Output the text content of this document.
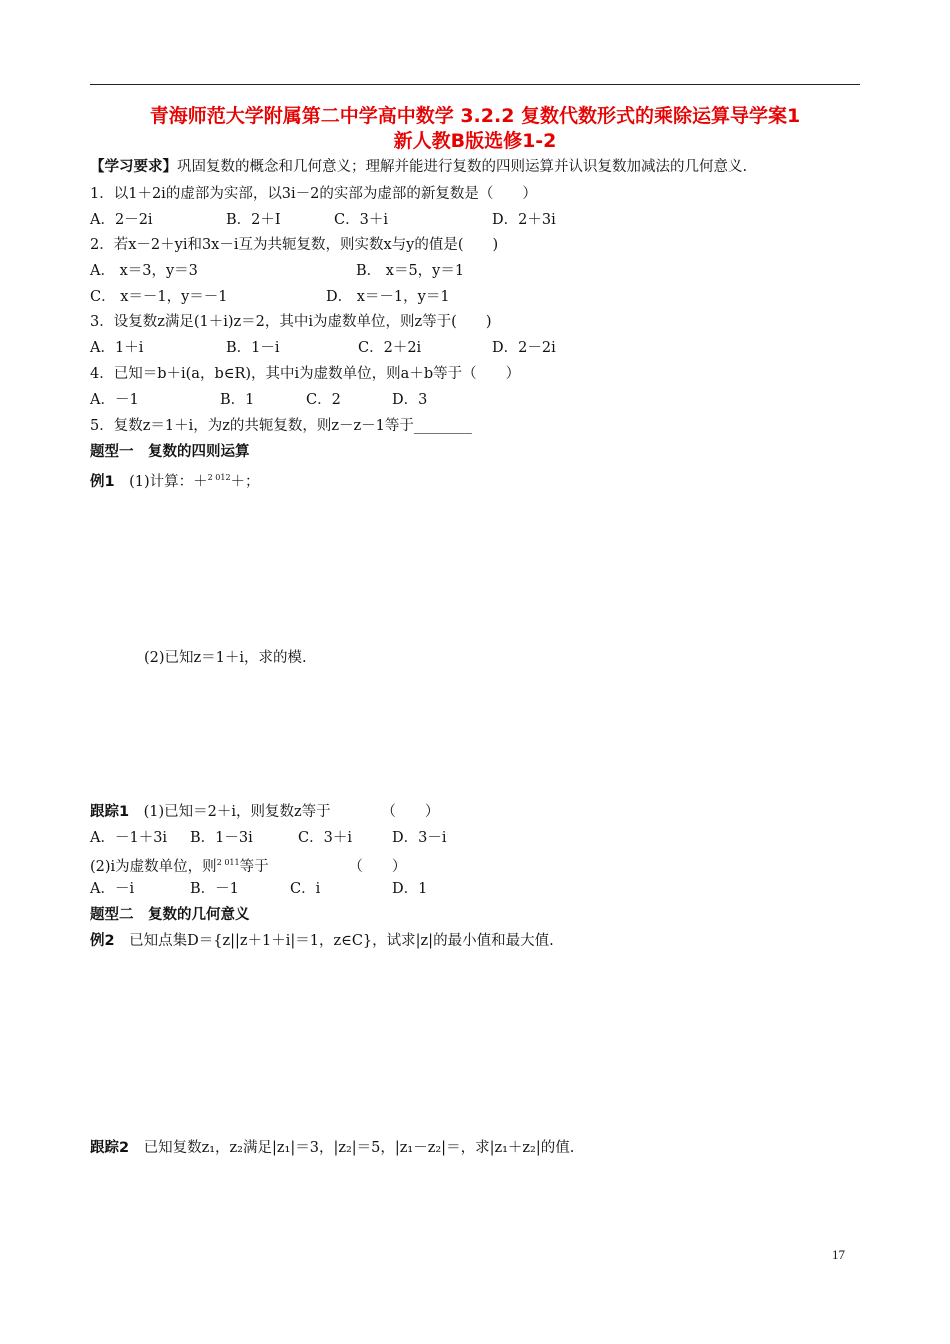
青海师范大学附属第二中学高中数学 3.2.2 复数代数形式的乘除运算导学案1
新人教B版选修1-2
【学习要求】巩固复数的概念和几何意义；理解并能进行复数的四则运算并认识复数加减法的几何意义.
1．以1＋2i的虚部为实部，以3i－2的实部为虚部的新复数是（　　）
A．2－2i	B．2＋I	C．3＋i	D．2＋3i
2．若x－2＋yi和3x－i互为共轭复数，则实数x与y的值是(　　)
A． x＝3，y＝3	B． x＝5，y＝1
C． x＝－1，y＝－1	D． x＝－1，y＝1
3．设复数z满足(1＋i)z＝2，其中i为虚数单位，则z等于(　　)
A．1＋i	B．1－i	C．2＋2i	D．2－2i
4．已知＝b＋i(a，b∈R)，其中i为虚数单位，则a＋b等于（　　）
A．－1	B．1	C．2	D．3
5．复数z＝1＋i，为z的共轭复数，则z－z－1等于________
题型一　复数的四则运算
例1　(1)计算：＋$^{2 012}$＋；
(2)已知z＝1＋i，求的模.
跟踪1　(1)已知＝2＋i，则复数z等于　　　　（　　）
A．－1＋3i B．1－3i	C．3＋i	D．3－i
(2)i为虚数单位，则$^{2 011}$等于　　　　　　（　　）
A．－i	B．－1	C．i	D．1
题型二　复数的几何意义
例2　已知点集D＝{z||z＋1＋i|＝1，z∈C}，试求|z|的最小值和最大值.
跟踪2　已知复数z₁，z₂满足|z₁|＝3，|z₂|＝5，|z₁－z₂|＝，求|z₁＋z₂|的值.
17
